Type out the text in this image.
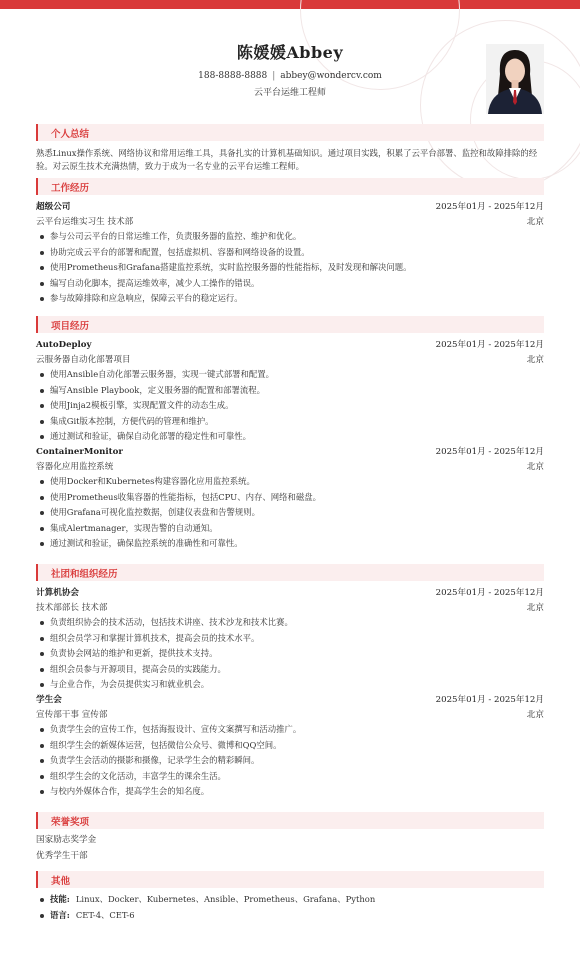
陈媛媛Abbey
188-8888-8888 | abbey@wondercv.com
云平台运维工程师
个人总结
熟悉Linux操作系统、网络协议和常用运维工具，具备扎实的计算机基础知识。通过项目实践，积累了云平台部署、监控和故障排除的经验。对云原生技术充满热情，致力于成为一名专业的云平台运维工程师。
工作经历
超级公司	2025年01月 - 2025年12月
云平台运维实习生 技术部	北京
参与公司云平台的日常运维工作，负责服务器的监控、维护和优化。
协助完成云平台的部署和配置，包括虚拟机、容器和网络设备的设置。
使用Prometheus和Grafana搭建监控系统，实时监控服务器的性能指标，及时发现和解决问题。
编写自动化脚本，提高运维效率，减少人工操作的错误。
参与故障排除和应急响应，保障云平台的稳定运行。
项目经历
AutoDeploy	2025年01月 - 2025年12月
云服务器自动化部署项目	北京
使用Ansible自动化部署云服务器，实现一键式部署和配置。
编写Ansible Playbook，定义服务器的配置和部署流程。
使用Jinja2模板引擎，实现配置文件的动态生成。
集成Git版本控制，方便代码的管理和维护。
通过测试和验证，确保自动化部署的稳定性和可靠性。
ContainerMonitor	2025年01月 - 2025年12月
容器化应用监控系统	北京
使用Docker和Kubernetes构建容器化应用监控系统。
使用Prometheus收集容器的性能指标，包括CPU、内存、网络和磁盘。
使用Grafana可视化监控数据，创建仪表盘和告警规则。
集成Alertmanager，实现告警的自动通知。
通过测试和验证，确保监控系统的准确性和可靠性。
社团和组织经历
计算机协会	2025年01月 - 2025年12月
技术部部长 技术部	北京
负责组织协会的技术活动，包括技术讲座、技术沙龙和技术比赛。
组织会员学习和掌握计算机技术，提高会员的技术水平。
负责协会网站的维护和更新，提供技术支持。
组织会员参与开源项目，提高会员的实践能力。
与企业合作，为会员提供实习和就业机会。
学生会	2025年01月 - 2025年12月
宣传部干事 宣传部	北京
负责学生会的宣传工作，包括海报设计、宣传文案撰写和活动推广。
组织学生会的新媒体运营，包括微信公众号、微博和QQ空间。
负责学生会活动的摄影和摄像，记录学生会的精彩瞬间。
组织学生会的文化活动，丰富学生的课余生活。
与校内外媒体合作，提高学生会的知名度。
荣誉奖项
国家励志奖学金
优秀学生干部
其他
技能: Linux、Docker、Kubernetes、Ansible、Prometheus、Grafana、Python
语言: CET-4、CET-6
